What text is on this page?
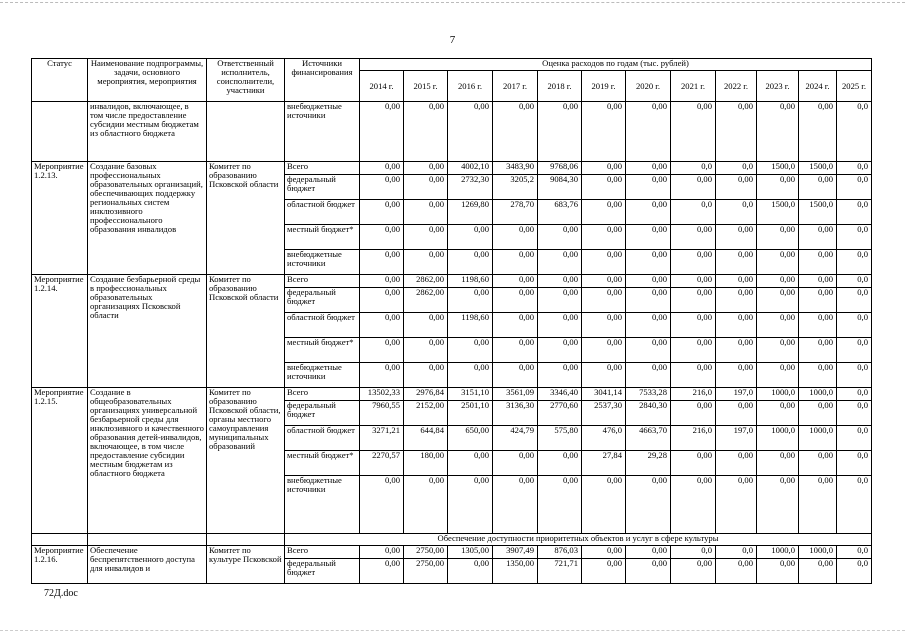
7
Статус	Наименование подпрограммы, задачи, основного мероприятия, мероприятия	Ответственный исполнитель, соисполнители, участники	Источники финансирования	Оценка расходов по годам (тыс. рублей)											
				2014 г.	2015 г.	2016 г.	2017 г.	2018 г.	2019 г.	2020 г.	2021 г.	2022 г.	2023 г.	2024 г.	2025 г.
	инвалидов, включающее, в том числе предоставление субсидии местным бюджетам из областного бюджета		внебюджетные источники	0,00	0,00	0,00	0,00	0,00	0,00	0,00	0,00	0,00	0,00	0,00	0,0
Мероприятие 1.2.13.	Создание базовых профессиональных образовательных организаций, обеспечивающих поддержку региональных систем инклюзивного профессионального образования инвалидов	Комитет по образованию Псковской области	Всего	0,00	0,00	4002,10	3483,90	9768,06	0,00	0,00	0,0	0,0	1500,0	1500,0	0,0
			федеральный бюджет	0,00	0,00	2732,30	3205,2	9084,30	0,00	0,00	0,00	0,00	0,00	0,00	0,0
			областной бюджет	0,00	0,00	1269,80	278,70	683,76	0,00	0,00	0,0	0,0	1500,0	1500,0	0,0
			местный бюджет*	0,00	0,00	0,00	0,00	0,00	0,00	0,00	0,00	0,00	0,00	0,00	0,0
			внебюджетные источники	0,00	0,00	0,00	0,00	0,00	0,00	0,00	0,00	0,00	0,00	0,00	0,0
Мероприятие 1.2.14.	Создание безбарьерной среды в профессиональных образовательных организациях Псковской области	Комитет по образованию Псковской области	Всего	0,00	2862,00	1198,60	0,00	0,00	0,00	0,00	0,00	0,00	0,00	0,00	0,0
			федеральный бюджет	0,00	2862,00	0,00	0,00	0,00	0,00	0,00	0,00	0,00	0,00	0,00	0,0
			областной бюджет	0,00	0,00	1198,60	0,00	0,00	0,00	0,00	0,00	0,00	0,00	0,00	0,0
			местный бюджет*	0,00	0,00	0,00	0,00	0,00	0,00	0,00	0,00	0,00	0,00	0,00	0,0
			внебюджетные источники	0,00	0,00	0,00	0,00	0,00	0,00	0,00	0,00	0,00	0,00	0,00	0,0
Мероприятие 1.2.15.	Создание в общеобразовательных организациях универсальной безбарьерной среды для инклюзивного и качественного образования детей-инвалидов, включающее, в том числе предоставление субсидии местным бюджетам из областного бюджета	Комитет по образованию Псковской области, органы местного самоуправления муниципальных образований	Всего	13502,33	2976,84	3151,10	3561,09	3346,40	3041,14	7533,28	216,0	197,0	1000,0	1000,0	0,0
			федеральный бюджет	7960,55	2152,00	2501,10	3136,30	2770,60	2537,30	2840,30	0,00	0,00	0,00	0,00	0,0
			областной бюджет	3271,21	644,84	650,00	424,79	575,80	476,0	4663,70	216,0	197,0	1000,0	1000,0	0,0
			местный бюджет*	2270,57	180,00	0,00	0,00	0,00	27,84	29,28	0,00	0,00	0,00	0,00	0,0
			внебюджетные источники	0,00	0,00	0,00	0,00	0,00	0,00	0,00	0,00	0,00	0,00	0,00	0,0
			Обеспечение доступности приоритетных объектов и услуг в сфере культуры												
Мероприятие 1.2.16.	Обеспечение беспрепятственного доступа для инвалидов и	Комитет по культуре Псковской	Всего	0,00	2750,00	1305,00	3907,49	876,03	0,00	0,00	0,0	0,0	1000,0	1000,0	0,0
			федеральный бюджет	0,00	2750,00	0,00	1350,00	721,71	0,00	0,00	0,00	0,00	0,00	0,00	0,0
72Д.doc
